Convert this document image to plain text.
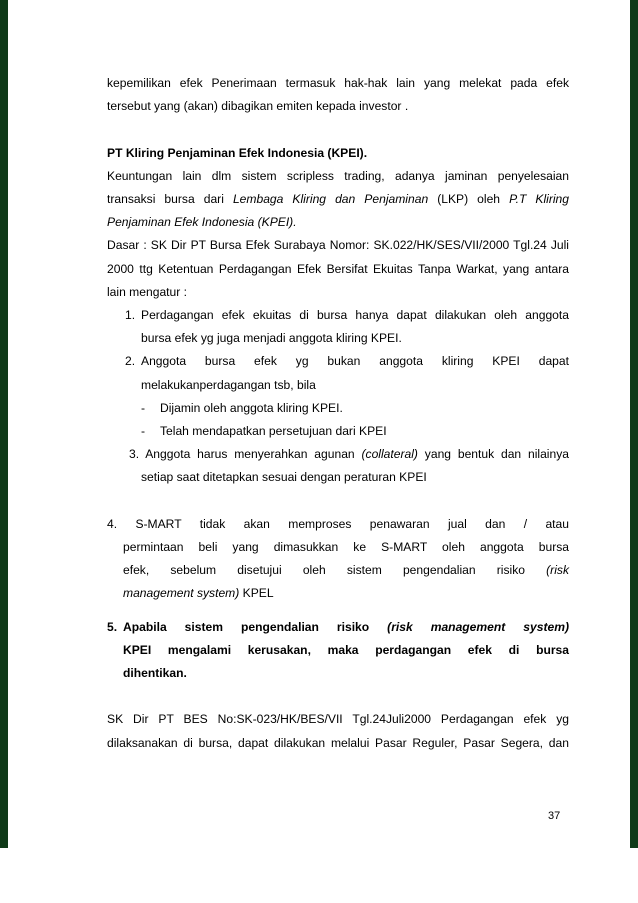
kepemilikan efek Penerimaan termasuk hak-hak lain yang melekat pada efek

tersebut yang (akan) dibagikan emiten kepada investor .

PT Kliring Penjaminan Efek Indonesia (KPEI).

Keuntungan lain dlm sistem scripless trading, adanya jaminan penyelesaian

transaksi bursa dari Lembaga Kliring dan Penjaminan (LKP) oleh P.T Kliring

Penjaminan Efek Indonesia (KPEI).

Dasar : SK Dir PT Bursa Efek Surabaya Nomor: SK.022/HK/SES/VII/2000 Tgl.24 Juli

2000 ttg Ketentuan Perdagangan Efek Bersifat Ekuitas Tanpa Warkat, yang antara

lain mengatur :

1. Perdagangan efek ekuitas di bursa hanya dapat dilakukan oleh anggota

bursa efek yg juga menjadi anggota kliring KPEI.

2. Anggota bursa efek yg bukan anggota kliring KPEI dapat

melakukanperdagangan tsb, bila

- Dijamin oleh anggota kliring KPEI.

- Telah mendapatkan persetujuan dari KPEI

3. Anggota harus menyerahkan agunan (collateral) yang bentuk dan nilainya

setiap saat ditetapkan sesuai dengan peraturan KPEI

4. S-MART tidak akan memproses penawaran jual dan / atau

permintaan beli yang dimasukkan ke S-MART oleh anggota bursa

efek, sebelum disetujui oleh sistem pengendalian risiko (risk

management system) KPEL

5. Apabila sistem pengendalian risiko (risk management system)

KPEI mengalami kerusakan, maka perdagangan efek di bursa

dihentikan.

SK Dir PT BES No:SK-023/HK/BES/VII Tgl.24Juli2000 Perdagangan efek yg

dilaksanakan di bursa, dapat dilakukan melalui Pasar Reguler, Pasar Segera, dan

37
